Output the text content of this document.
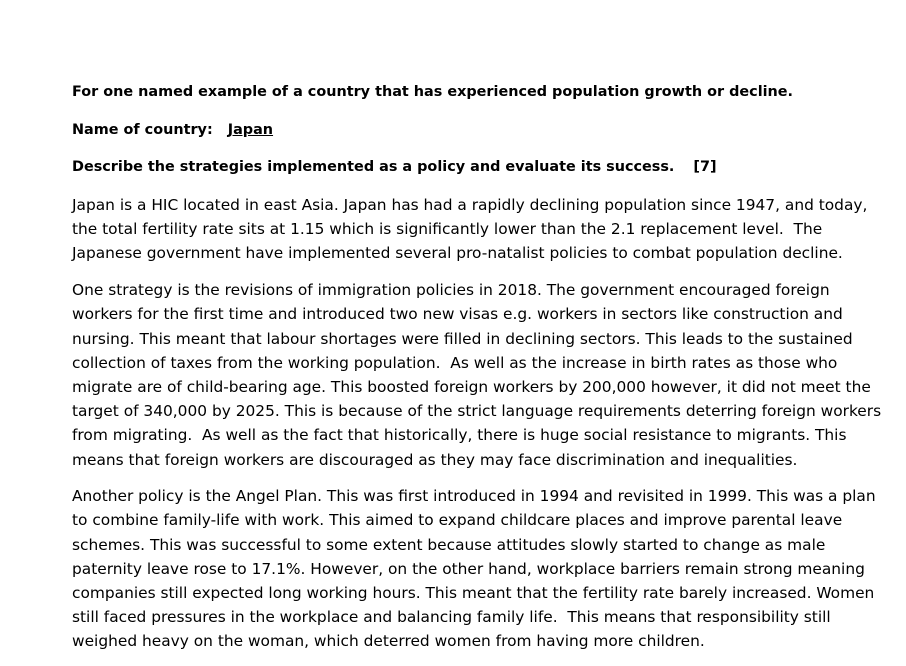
For one named example of a country that has experienced population growth or decline.
Name of country: Japan
Describe the strategies implemented as a policy and evaluate its success. [7]
Japan is a HIC located in east Asia. Japan has had a rapidly declining population since 1947, and today,
the total fertility rate sits at 1.15 which is significantly lower than the 2.1 replacement level.  The
Japanese government have implemented several pro-natalist policies to combat population decline.
One strategy is the revisions of immigration policies in 2018. The government encouraged foreign
workers for the first time and introduced two new visas e.g. workers in sectors like construction and
nursing. This meant that labour shortages were filled in declining sectors. This leads to the sustained
collection of taxes from the working population.  As well as the increase in birth rates as those who
migrate are of child-bearing age. This boosted foreign workers by 200,000 however, it did not meet the
target of 340,000 by 2025. This is because of the strict language requirements deterring foreign workers
from migrating.  As well as the fact that historically, there is huge social resistance to migrants. This
means that foreign workers are discouraged as they may face discrimination and inequalities.
Another policy is the Angel Plan. This was first introduced in 1994 and revisited in 1999. This was a plan
to combine family-life with work. This aimed to expand childcare places and improve parental leave
schemes. This was successful to some extent because attitudes slowly started to change as male
paternity leave rose to 17.1%. However, on the other hand, workplace barriers remain strong meaning
companies still expected long working hours. This meant that the fertility rate barely increased. Women
still faced pressures in the workplace and balancing family life.  This means that responsibility still
weighed heavy on the woman, which deterred women from having more children.
